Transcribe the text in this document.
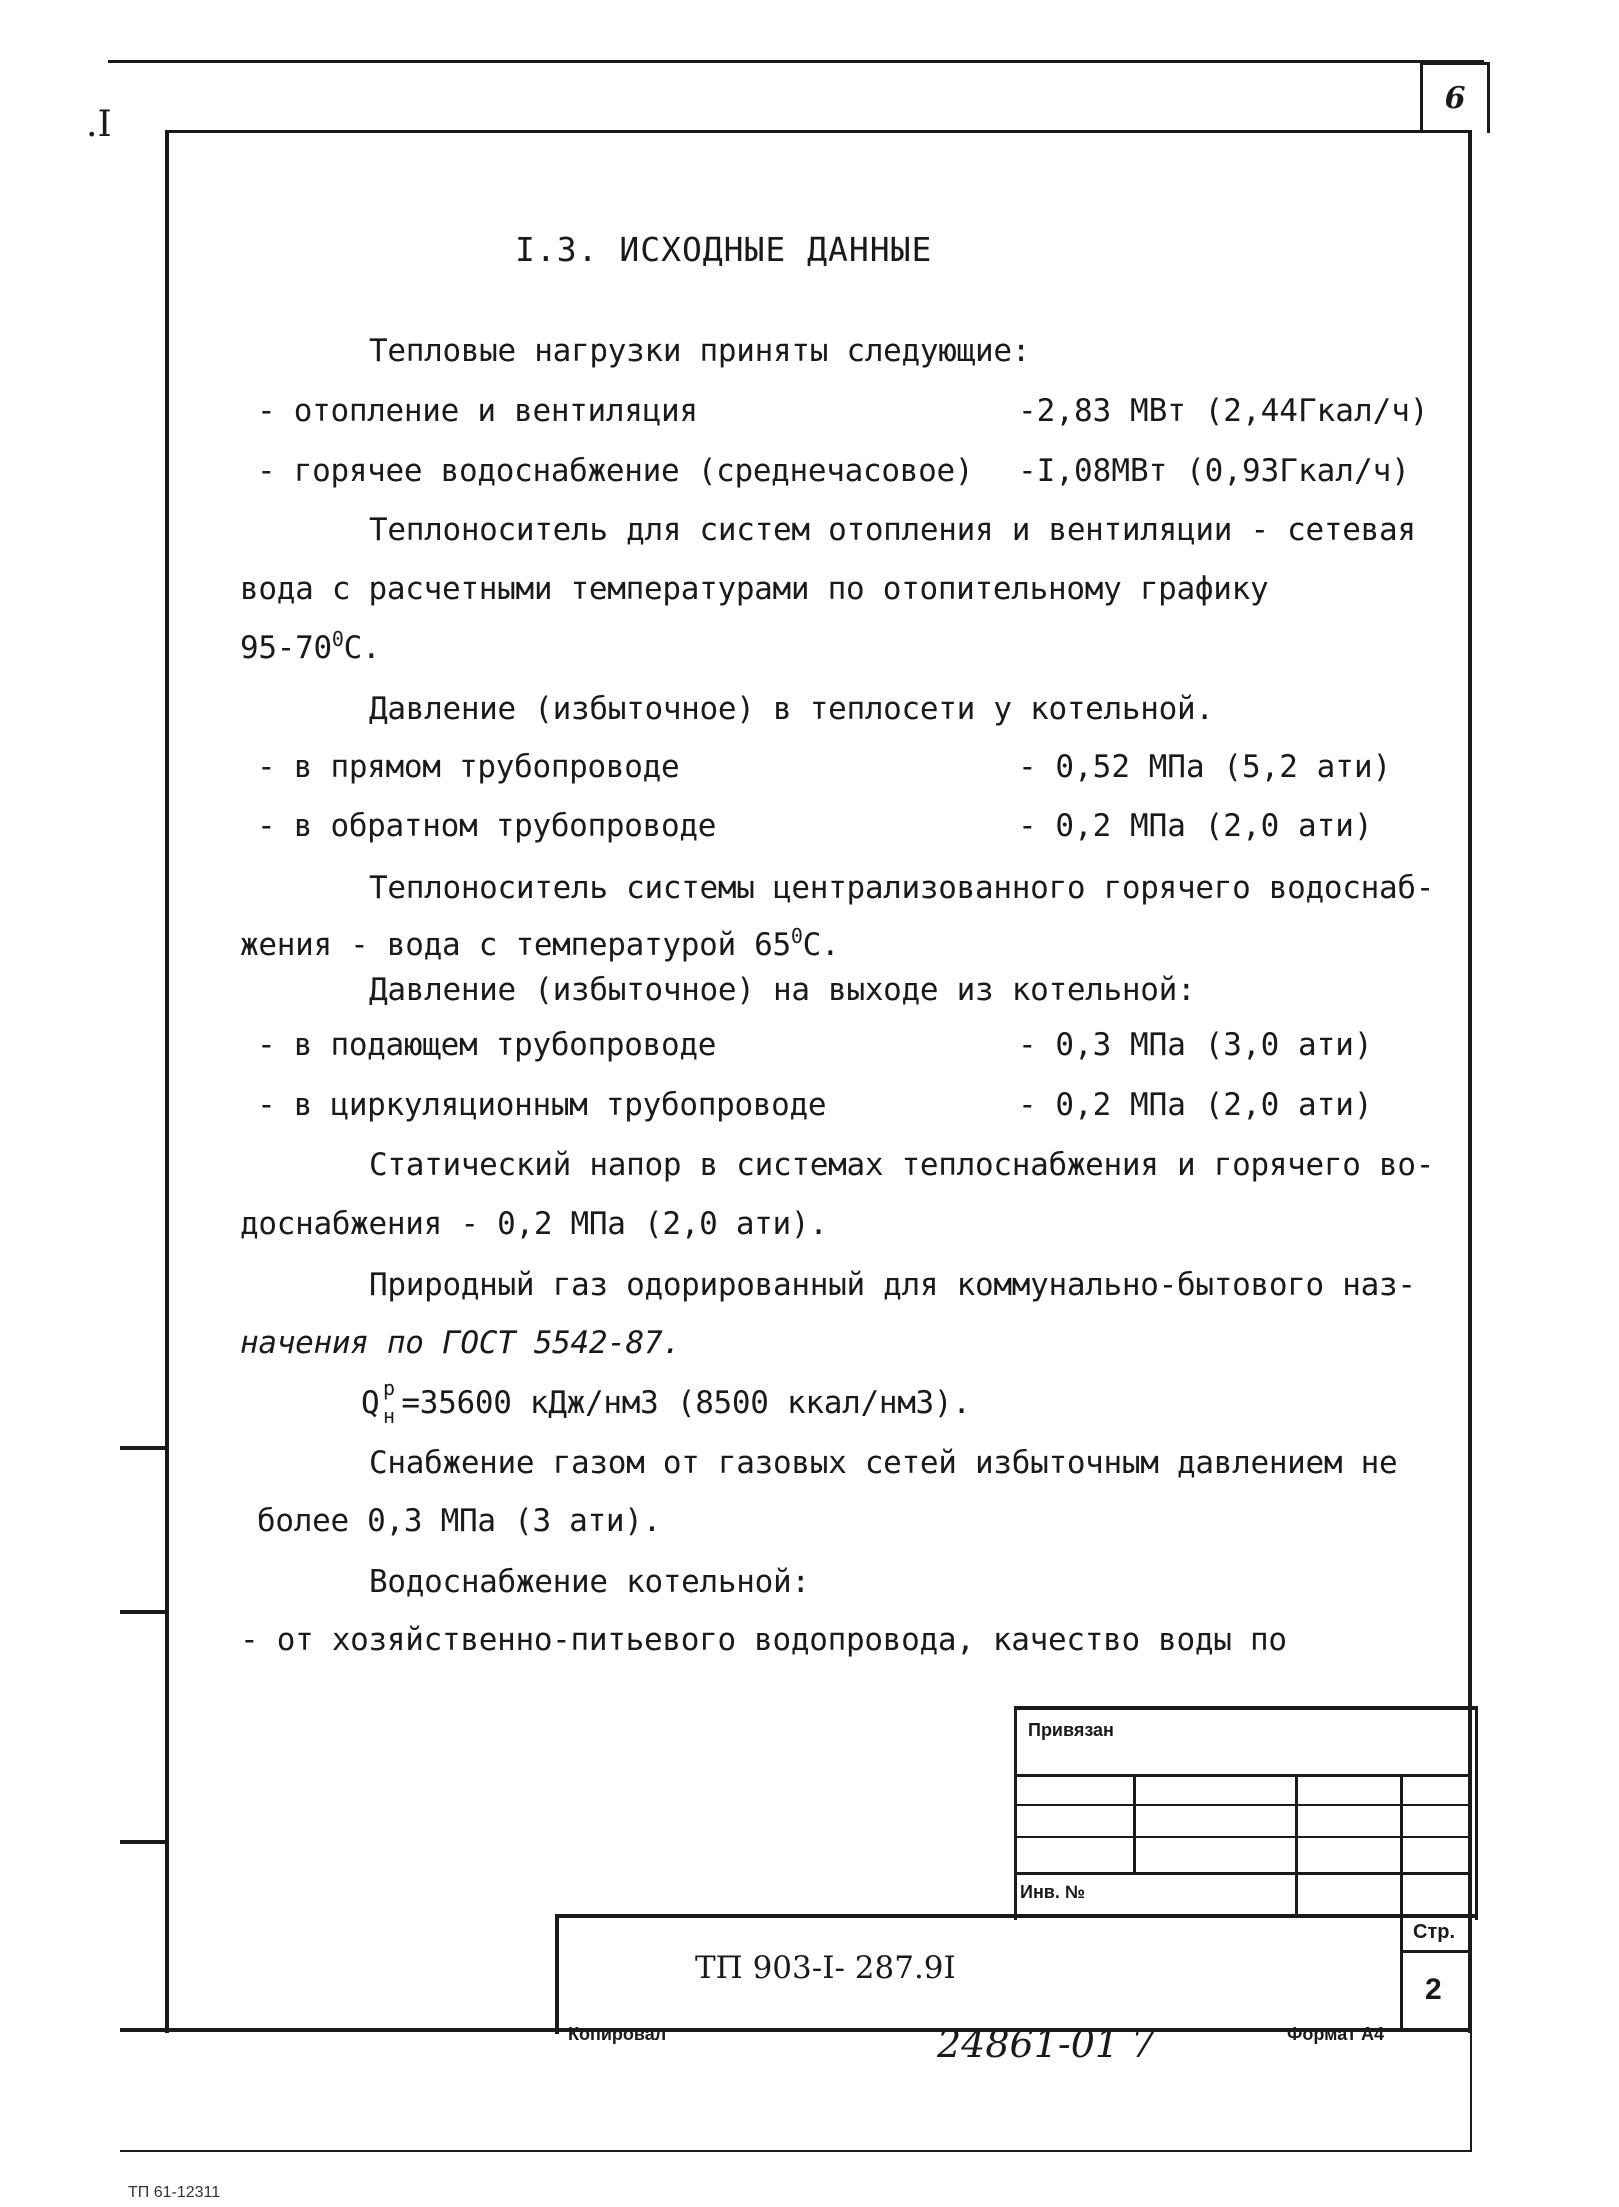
6
.I
I.3. ИСХОДНЫЕ ДАННЫЕ
Тепловые нагрузки приняты следующие:
- отопление и вентиляция	-2,83 МВт (2,44Гкал/ч)
- горячее водоснабжение (среднечасовое) -I,08МВт (0,93Гкал/ч)
Теплоноситель для систем отопления и вентиляции - сетевая
вода с расчетными температурами по отопительному графику
$95-70^0С$.
Давление (избыточное) в теплосети у котельной.
- в прямом трубопроводе	- 0,52 МПа (5,2 ати)
- в обратном трубопроводе	- 0,2 МПа (2,0 ати)
Теплоноситель системы централизованного горячего водоснаб-
жения - вода с температурой $65^0С$.
Давление (избыточное) на выходе из котельной:
- в подающем трубопроводе	- 0,3 МПа (3,0 ати)
- в циркуляционным трубопроводе	- 0,2 МПа (2,0 ати)
Статический напор в системах теплоснабжения и горячего во-
доснабжения - 0,2 МПа (2,0 ати).
Природный газ одорированный для коммунально-бытового наз-
начения по ГОСТ 5542-87.
Q р
н =35600 кДж/нм3 (8500 ккал/нм3).
Снабжение газом от газовых сетей избыточным давлением не
более 0,3 МПа (3 ати).
Водоснабжение котельной:
- от хозяйственно-питьевого водопровода, качество воды по
Привязан
Инв. №
ТП 903-I- 287.9I
Стр.
2
Копировал	24861-01 7	Формат А4
ТП 61-12311
